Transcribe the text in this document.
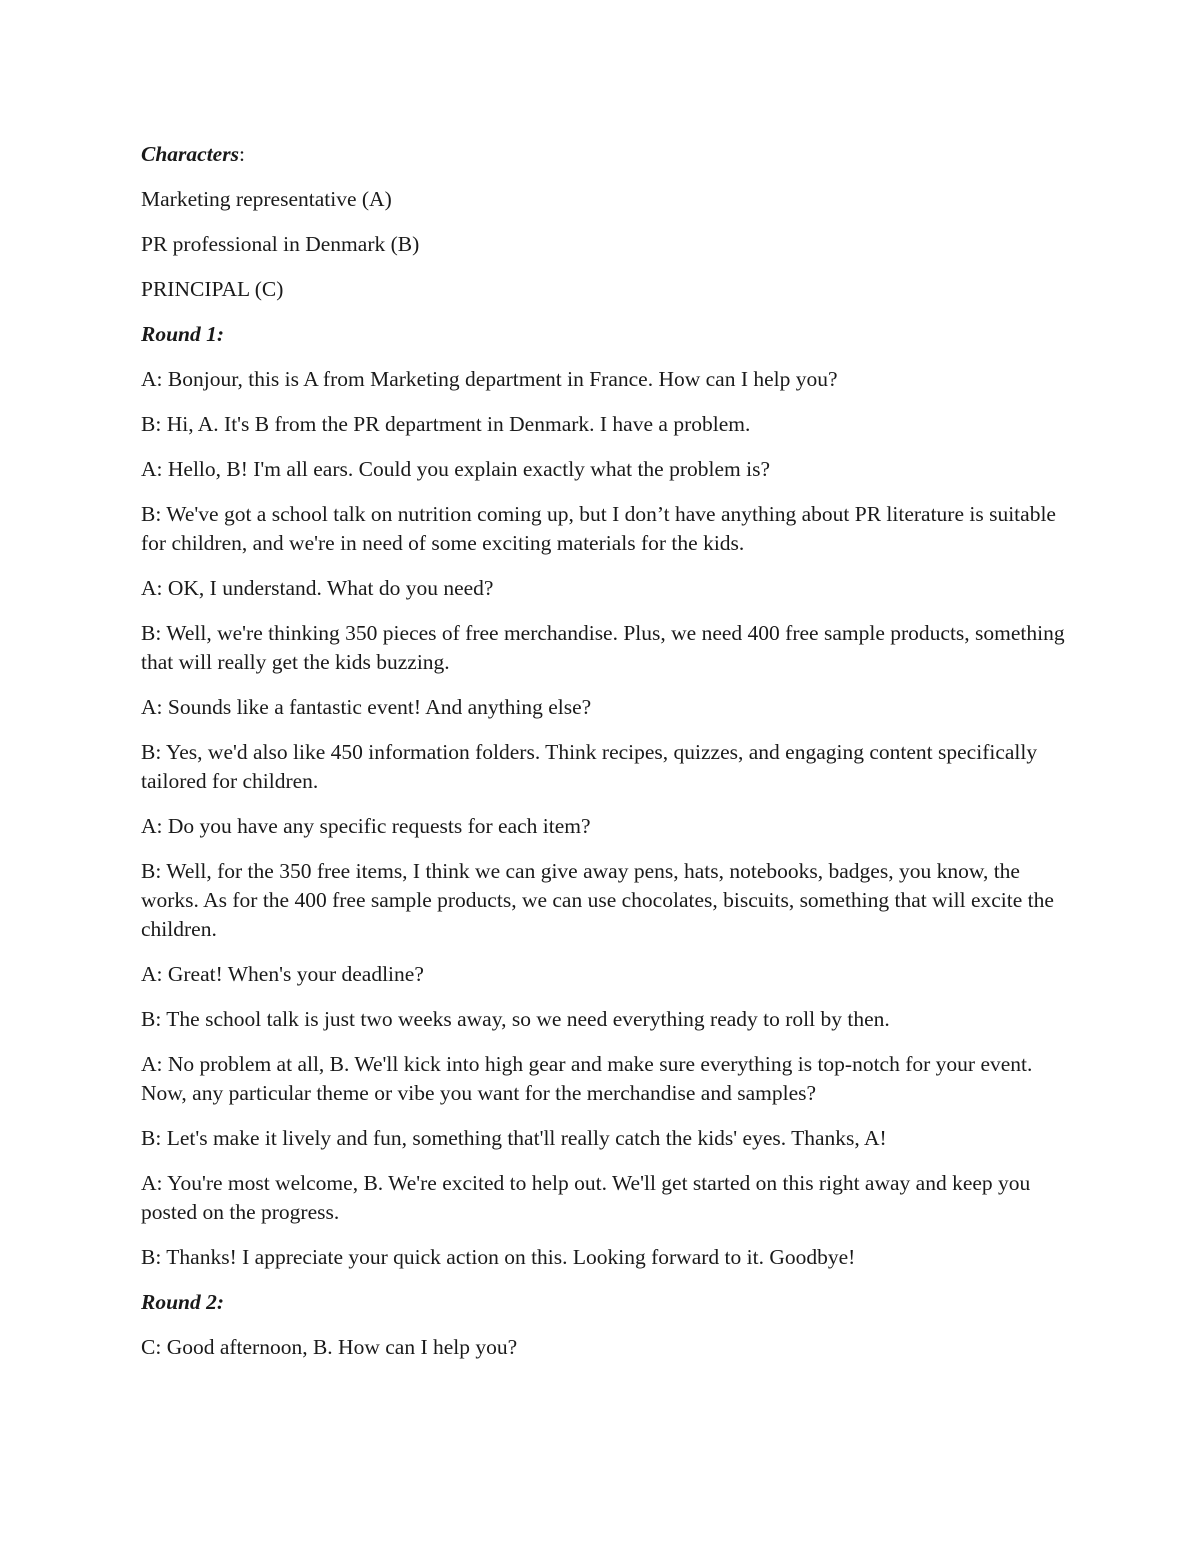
Characters:

Marketing representative (A)

PR professional in Denmark (B)

PRINCIPAL (C)

Round 1:

A: Bonjour, this is A from Marketing department in France. How can I help you?

B: Hi, A. It's B from the PR department in Denmark. I have a problem.

A: Hello, B! I'm all ears. Could you explain exactly what the problem is?

B: We've got a school talk on nutrition coming up, but I don’t have anything about PR literature is suitable for children, and we're in need of some exciting materials for the kids.

A: OK, I understand. What do you need?

B: Well, we're thinking 350 pieces of free merchandise. Plus, we need 400 free sample products, something that will really get the kids buzzing.

A: Sounds like a fantastic event! And anything else?

B: Yes, we'd also like 450 information folders. Think recipes, quizzes, and engaging content specifically tailored for children.

A: Do you have any specific requests for each item?

B: Well, for the 350 free items, I think we can give away pens, hats, notebooks, badges, you know, the works. As for the 400 free sample products, we can use chocolates, biscuits, something that will excite the children.

A: Great! When's your deadline?

B: The school talk is just two weeks away, so we need everything ready to roll by then.

A: No problem at all, B. We'll kick into high gear and make sure everything is top-notch for your event. Now, any particular theme or vibe you want for the merchandise and samples?

B: Let's make it lively and fun, something that'll really catch the kids' eyes. Thanks, A!

A: You're most welcome, B. We're excited to help out. We'll get started on this right away and keep you posted on the progress.

B: Thanks! I appreciate your quick action on this. Looking forward to it. Goodbye!

Round 2:

C: Good afternoon, B. How can I help you?
